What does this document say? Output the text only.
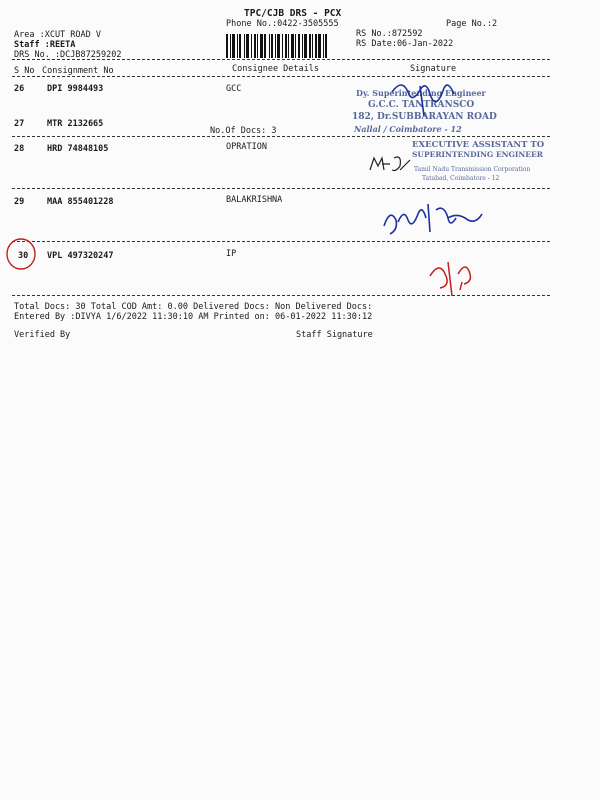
TPC/CJB DRS - PCX
Phone No.:0422-3505555	Page No.:2
RS No.:872592
RS Date:06-Jan-2022
Area :XCUT ROAD V
Staff :REETA
DRS No. :DCJB87259202
S No Consignment No	Consignee Details	Signature
26	DPI 9984493	GCC
27	MTR 2132665
No.Of Docs: 3
28	HRD 74848105	OPRATION
29	MAA 855401228	BALAKRISHNA
30 VPL 497320247	IP
Total Docs: 30 Total COD Amt: 0.00 Delivered Docs: Non Delivered Docs:
Entered By :DIVYA 1/6/2022 11:30:10 AM Printed on: 06-01-2022 11:30:12
Verified By	Staff Signature
Dy. Superintending Engineer
G.C.C. TANTRANSCO
182, Dr.SUBBARAYAN ROAD
Nallal / Coimbatore - 12
EXECUTIVE ASSISTANT TO
SUPERINTENDING ENGINEER
Tamil Nadu Transmission Corporation
Tatabad, Coimbatore - 12
